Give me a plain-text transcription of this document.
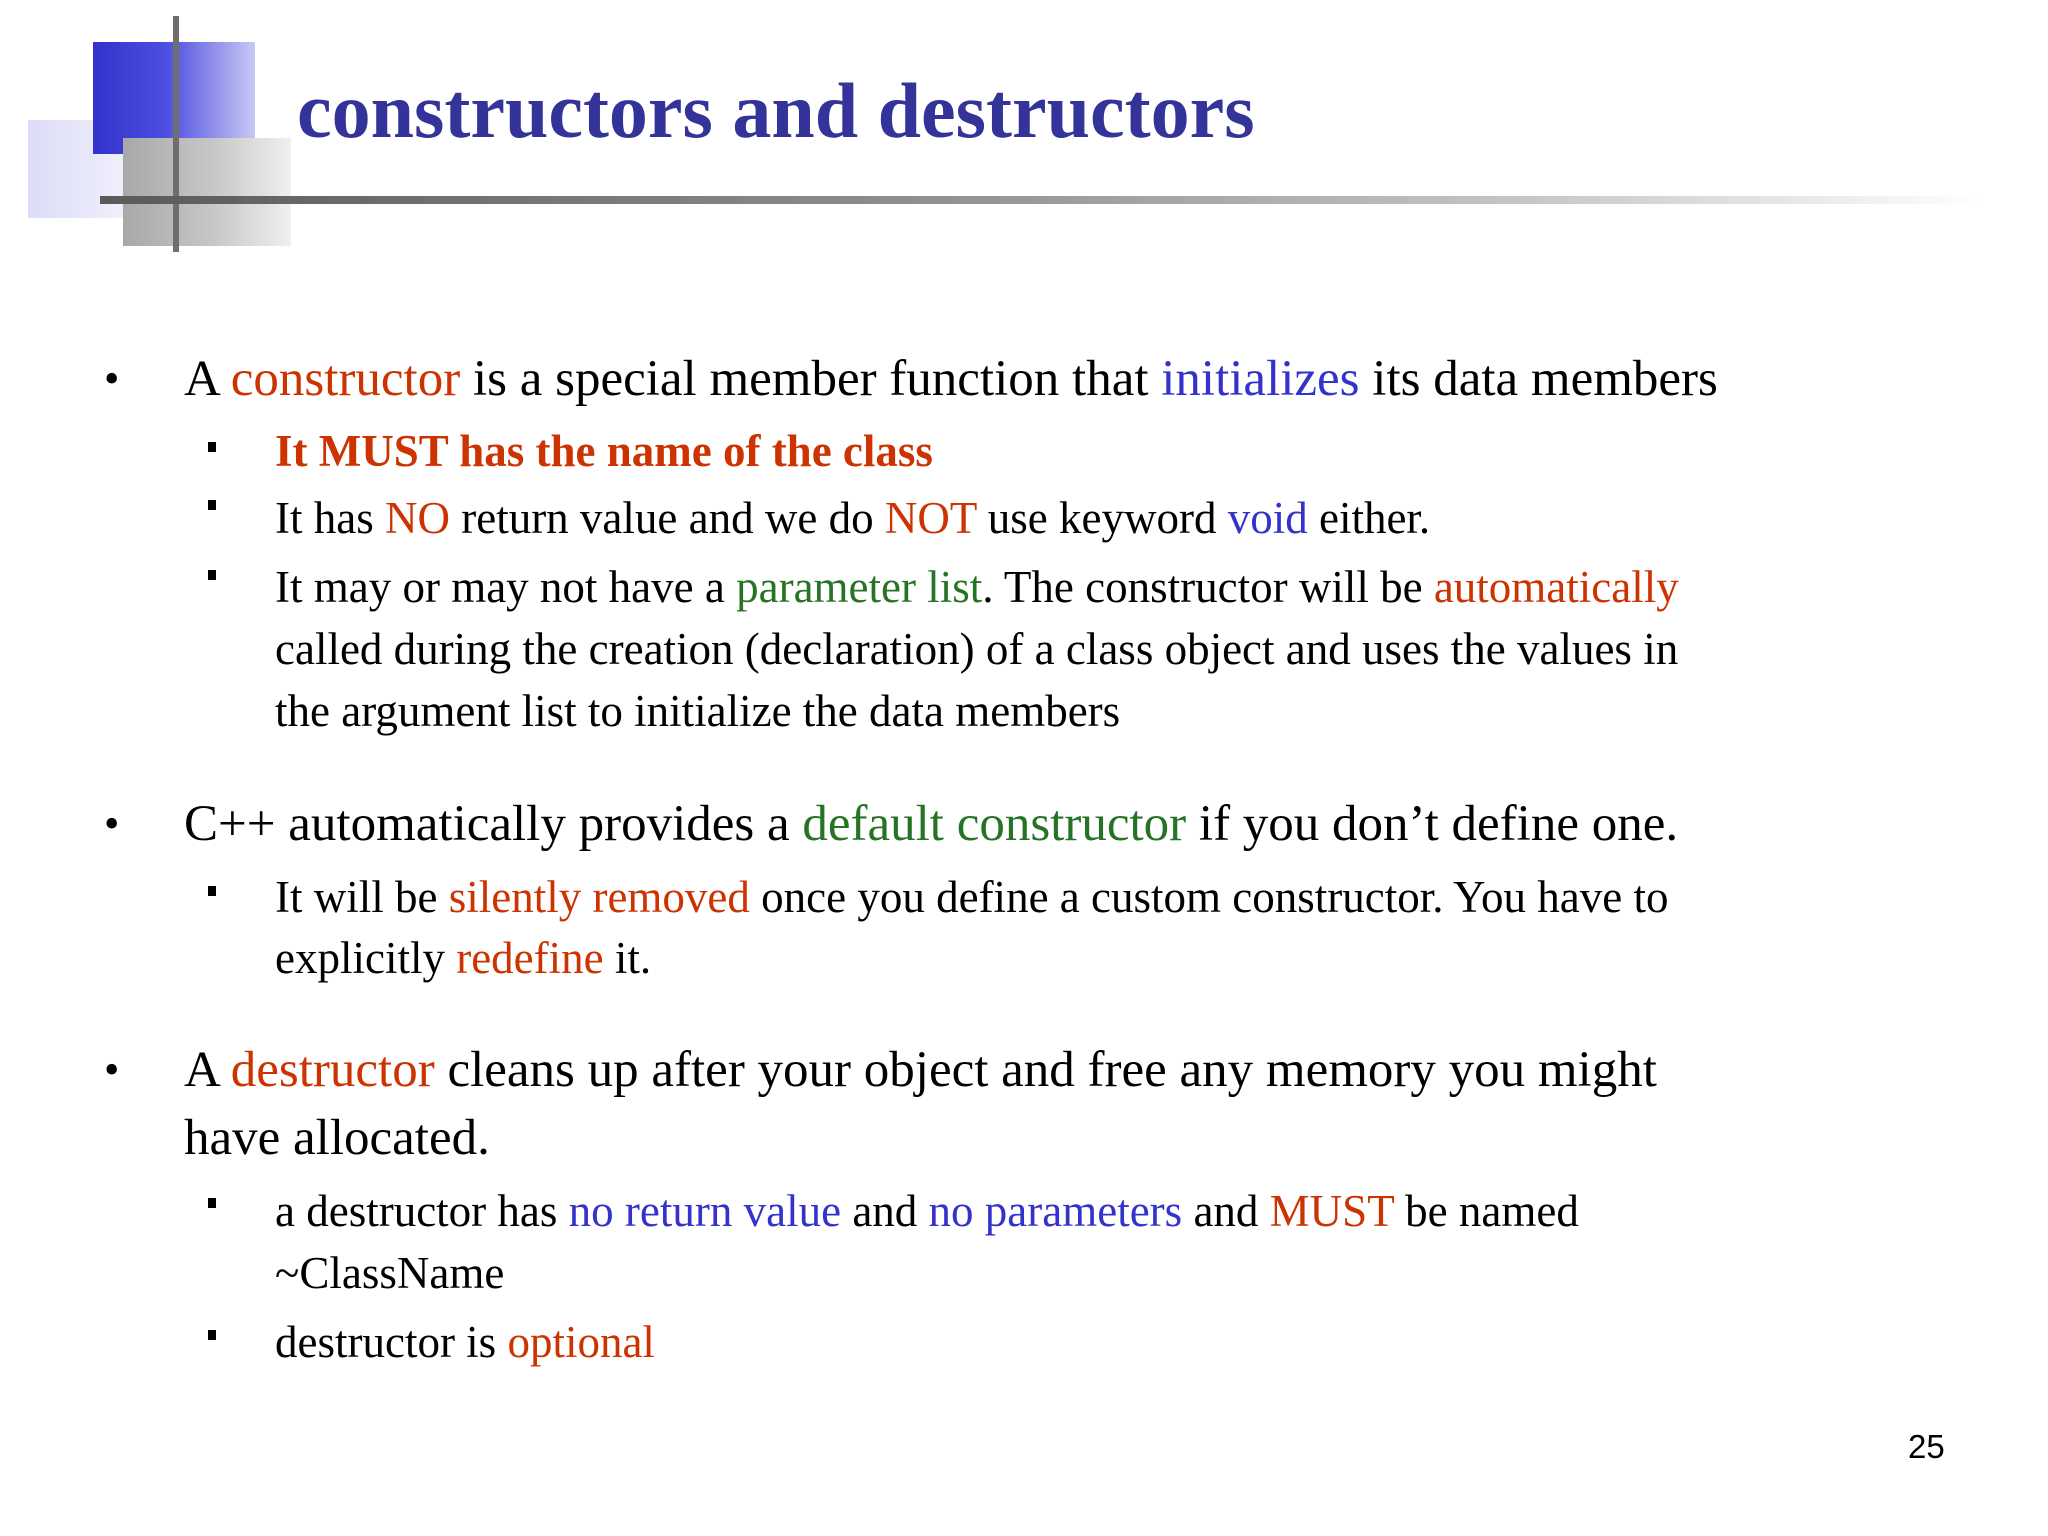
constructors and destructors
• A constructor is a special member function that initializes its data members
It MUST has the name of the class
It has NO return value and we do NOT use keyword void either.
It may or may not have a parameter list. The constructor will be automatically
called during the creation (declaration) of a class object and uses the values in
the argument list to initialize the data members
• C++ automatically provides a default constructor if you don’t define one.
It will be silently removed once you define a custom constructor. You have to
explicitly redefine it.
• A destructor cleans up after your object and free any memory you might
have allocated.
a destructor has no return value and no parameters and MUST be named
~ClassName
destructor is optional
25
